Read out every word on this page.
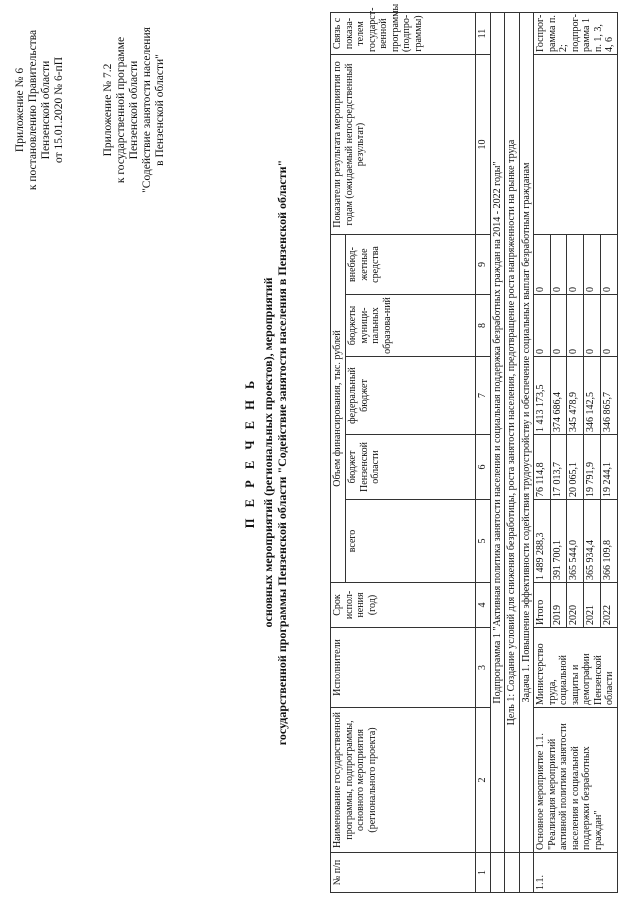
Приложение № 6 к постановлению Правительства Пензенской области от 15.01.2020 № 6-пП	Приложение № 7.2 к государственной программе Пензенской области "Содействие занятости населения в Пензенской области"
П Е Р Е Ч Е Н Ь основных мероприятий (региональных проектов), мероприятий государственной программы Пензенской области "Содействие занятости населения в Пензенской области"
№ п/п	Наименование государственной программы, подпрограммы, основного мероприятия (регионального проекта)	Исполнители	Срок испол-нения (год)	Объем финансирования, тыс. рублей					Показатели результата мероприятия по годам (ожидаемый непосредственный результат)	Связь с показа-телем государст-венной программы (подпро-граммы)
				всего	бюджет Пензенской области	федеральный бюджет	бюджеты муници-пальных образова-ний	внебюд-жетные средства		
1	2	3	4	5	6	7	8	9	10	11
	Подпрограмма 1 "Активная политика занятости населения и социальная поддержка безработных граждан на 2014 - 2022 годы"									
	Цель 1: Создание условий для снижения безработицы, роста занятости населения, предотвращение роста напряженности на рынке труда									
	Задача 1. Повышение эффективности содействия трудоустройству и обеспечение социальных выплат безработным гражданам									
1.1.	Основное мероприятие 1.1. "Реализация мероприятий активной политики занятости населения и социальной поддержки безработных граждан"	Министерство труда, социальной защиты и демографии Пензенской области	Итого	1 489 288,3	76 114,8	1 413 173,5	0	0		Госпрог-рамма п. 2; подпрог-рамма 1 п. 1, 3, 4, 6

			2019	391 700,1	17 013,7	374 686,4	0	0		
			2020	365 544,0	20 065,1	345 478,9	0	0		
			2021	365 934,4	19 791,9	346 142,5	0	0		
			2022	366 109,8	19 244,1	346 865,7	0	0		
